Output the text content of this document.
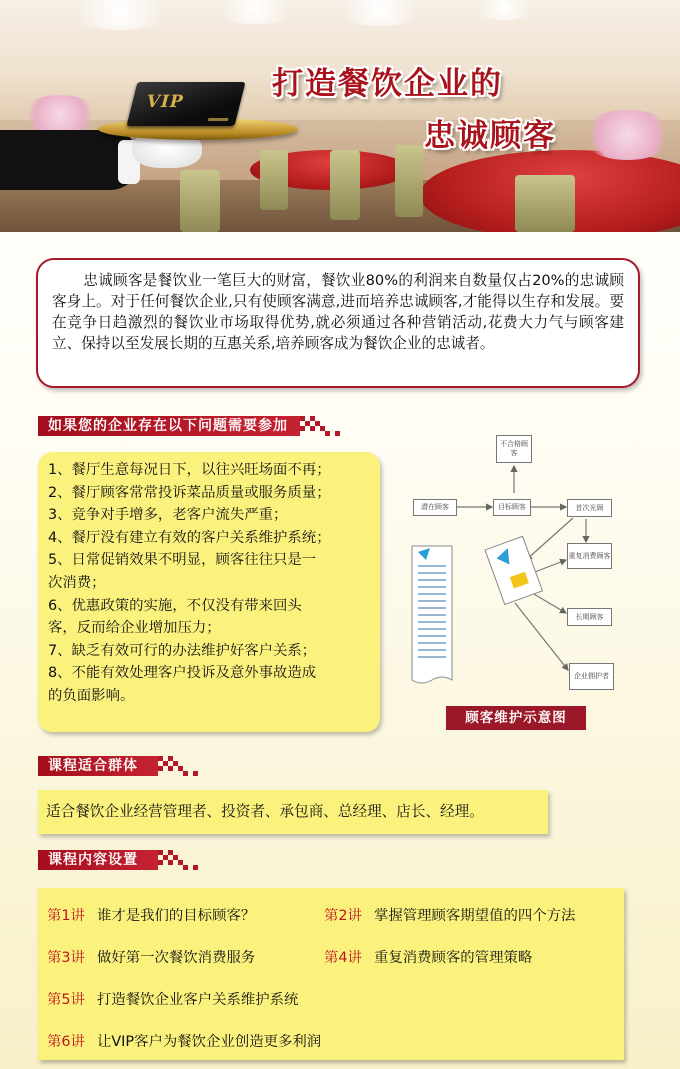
VIP	打造餐饮企业的
忠诚顾客

忠诚顾客是餐饮业一笔巨大的财富，餐饮业80%的利润来自数量仅占20%的忠诚顾客身上。对于任何餐饮企业,只有使顾客满意,进而培养忠诚顾客,才能得以生存和发展。要在竞争日趋激烈的餐饮业市场取得优势,就必须通过各种营销活动,花费大力气与顾客建立、保持以至发展长期的互惠关系,培养顾客成为餐饮企业的忠诚者。

如果您的企业存在以下问题需要参加
1、餐厅生意每况日下，以往兴旺场面不再；
2、餐厅顾客常常投诉菜品质量或服务质量；
3、竞争对手增多，老客户流失严重；
4、餐厅没有建立有效的客户关系维护系统；
5、日常促销效果不明显，顾客往往只是一
次消费；
6、优惠政策的实施，不仅没有带来回头
客，反而给企业增加压力；
7、缺乏有效可行的办法维护好客户关系；
8、不能有效处理客户投诉及意外事故造成
的负面影响。
不合格顾客
潜在顾客	目标顾客	首次光顾
重复消费顾客
长期顾客
企业拥护者
顾客维护示意图
课程适合群体
适合餐饮企业经营管理者、投资者、承包商、总经理、店长、经理。
课程内容设置
第1讲 谁才是我们的目标顾客？	第2讲 掌握管理顾客期望值的四个方法
第3讲 做好第一次餐饮消费服务	第4讲 重复消费顾客的管理策略
第5讲 打造餐饮企业客户关系维护系统
第6讲 让VIP客户为餐饮企业创造更多利润
